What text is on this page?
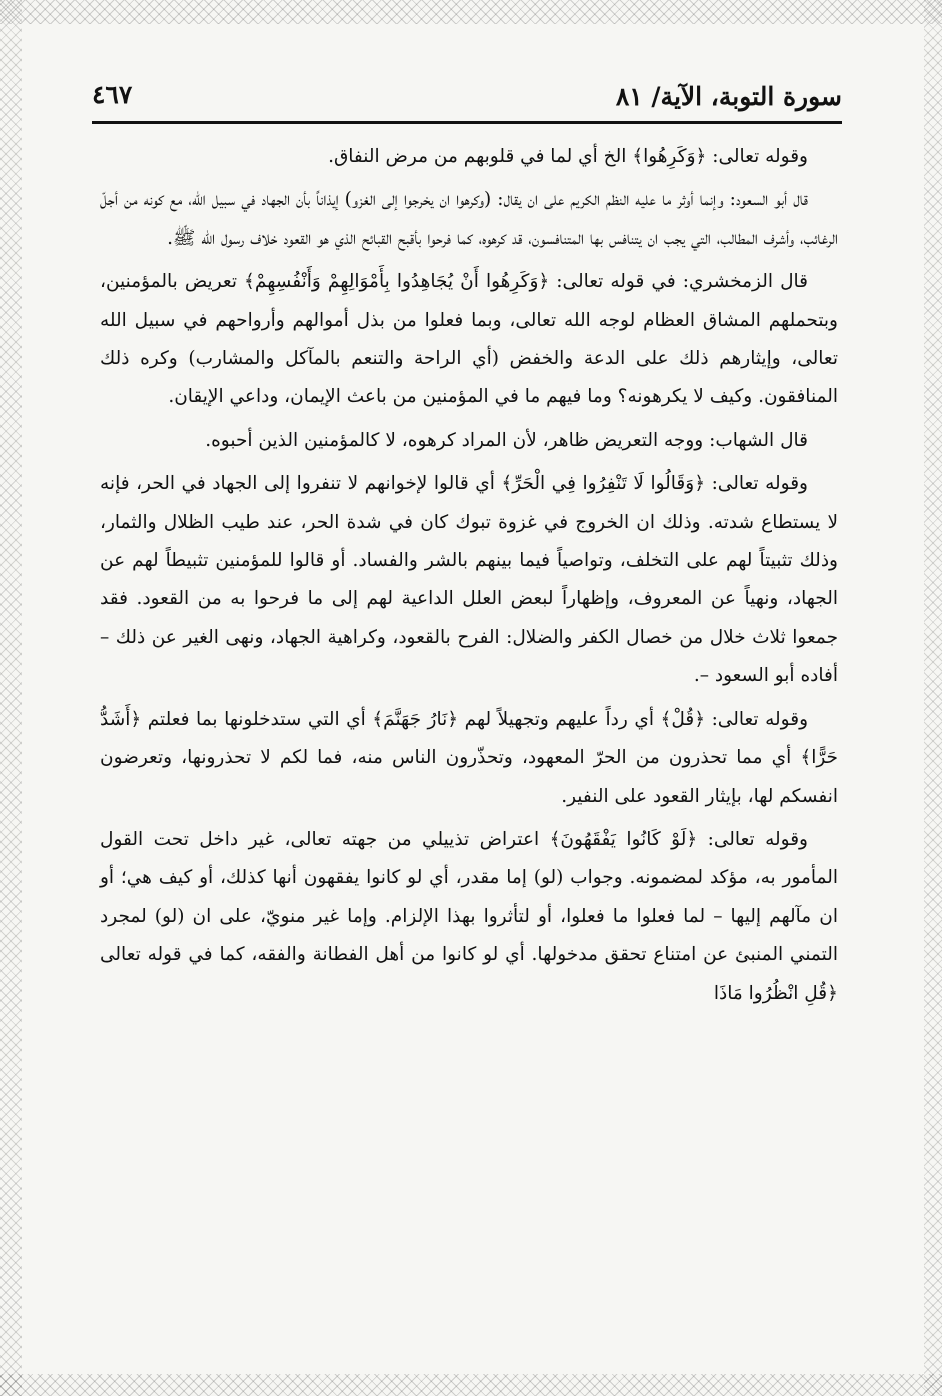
سورة التوبة، الآية/ ٨١
٤٦٧

وقوله تعالى: ﴿وَكَرِهُوا﴾ الخ أي لما في قلوبهم من مرض النفاق.

قال أبو السعود: وإنما أوثر ما عليه النظم الكريم على ان يقال: (وكرهوا ان يخرجوا إلى الغزو) إيذاناً بأن الجهاد في سبيل الله، مع كونه من أجلّ الرغائب، وأشرف المطالب، التي يجب ان يتنافس بها المتنافسون، قد كرهوه، كما فرحوا بأقبح القبائح الذي هو القعود خلاف رسول الله ﷺ.

قال الزمخشري: في قوله تعالى: ﴿وَكَرِهُوا أَنْ يُجَاهِدُوا بِأَمْوَالِهِمْ وَأَنْفُسِهِمْ﴾ تعريض بالمؤمنين، وبتحملهم المشاق العظام لوجه الله تعالى، وبما فعلوا من بذل أموالهم وأرواحهم في سبيل الله تعالى، وإيثارهم ذلك على الدعة والخفض (أي الراحة والتنعم بالمآكل والمشارب) وكره ذلك المنافقون. وكيف لا يكرهونه؟ وما فيهم ما في المؤمنين من باعث الإيمان، وداعي الإيقان.

قال الشهاب: ووجه التعريض ظاهر، لأن المراد كرهوه، لا كالمؤمنين الذين أحبوه.

وقوله تعالى: ﴿وَقَالُوا لَا تَنْفِرُوا فِي الْحَرِّ﴾ أي قالوا لإخوانهم لا تنفروا إلى الجهاد في الحر، فإنه لا يستطاع شدته. وذلك ان الخروج في غزوة تبوك كان في شدة الحر، عند طيب الظلال والثمار، وذلك تثبيتاً لهم على التخلف، وتواصياً فيما بينهم بالشر والفساد. أو قالوا للمؤمنين تثبيطاً لهم عن الجهاد، ونهياً عن المعروف، وإظهاراً لبعض العلل الداعية لهم إلى ما فرحوا به من القعود. فقد جمعوا ثلاث خلال من خصال الكفر والضلال: الفرح بالقعود، وكراهية الجهاد، ونهى الغير عن ذلك – أفاده أبو السعود –.

وقوله تعالى: ﴿قُلْ﴾ أي رداً عليهم وتجهيلاً لهم ﴿نَارُ جَهَنَّمَ﴾ أي التي ستدخلونها بما فعلتم ﴿أَشَدُّ حَرًّا﴾ أي مما تحذرون من الحرّ المعهود، وتحذّرون الناس منه، فما لكم لا تحذرونها، وتعرضون انفسكم لها، بإيثار القعود على النفير.

وقوله تعالى: ﴿لَوْ كَانُوا يَفْقَهُونَ﴾ اعتراض تذييلي من جهته تعالى، غير داخل تحت القول المأمور به، مؤكد لمضمونه. وجواب (لو) إما مقدر، أي لو كانوا يفقهون أنها كذلك، أو كيف هي؛ أو ان مآلهم إليها – لما فعلوا ما فعلوا، أو لتأثروا بهذا الإلزام. وإما غير منويّ، على ان (لو) لمجرد التمني المنبئ عن امتناع تحقق مدخولها. أي لو كانوا من أهل الفطانة والفقه، كما في قوله تعالى ﴿قُلِ انْظُرُوا مَاذَا
